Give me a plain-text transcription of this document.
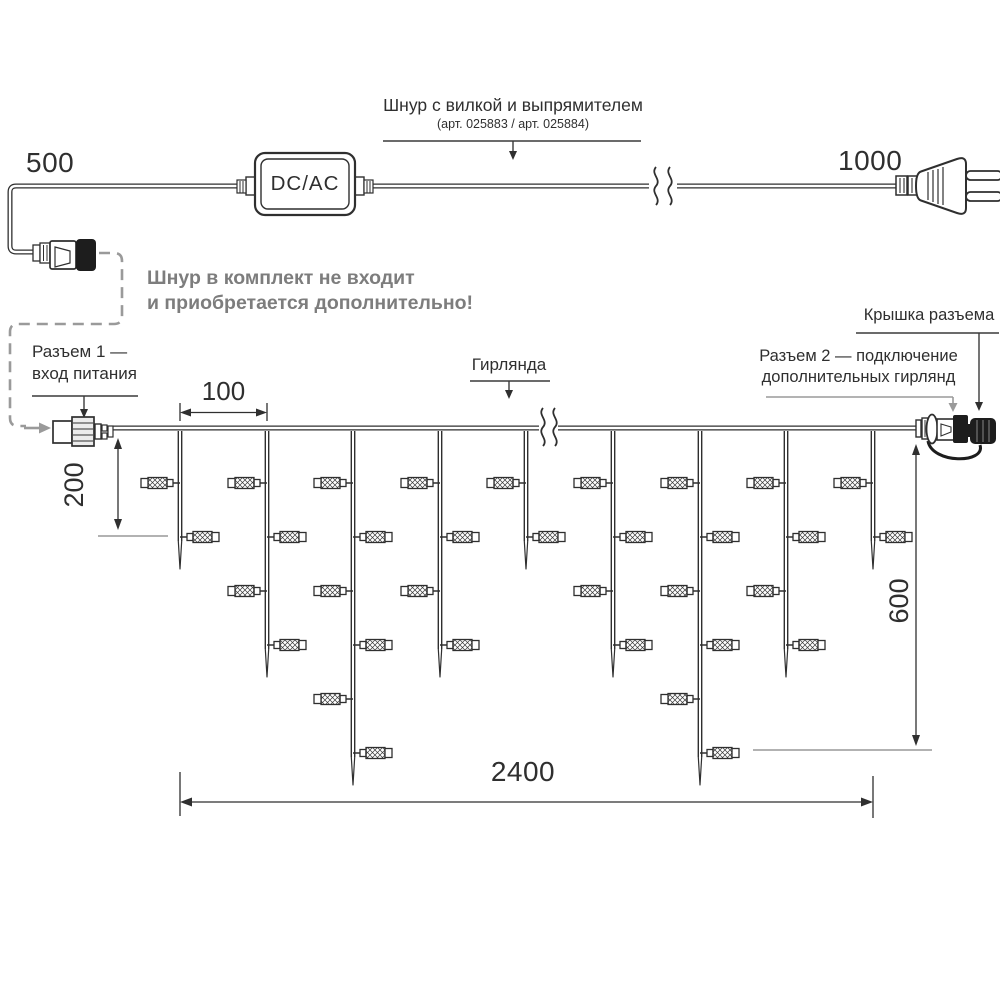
500	1000
Шнур с вилкой и выпрямителем
(арт. 025883 / арт. 025884)
DC/AC
Шнур в комплект не входит
и приобретается дополнительно!
Разъем 1 —
вход питания
100
200
600
2400
Гирлянда
Крышка разъема
Разъем 2 — подключение
дополнительных гирлянд
